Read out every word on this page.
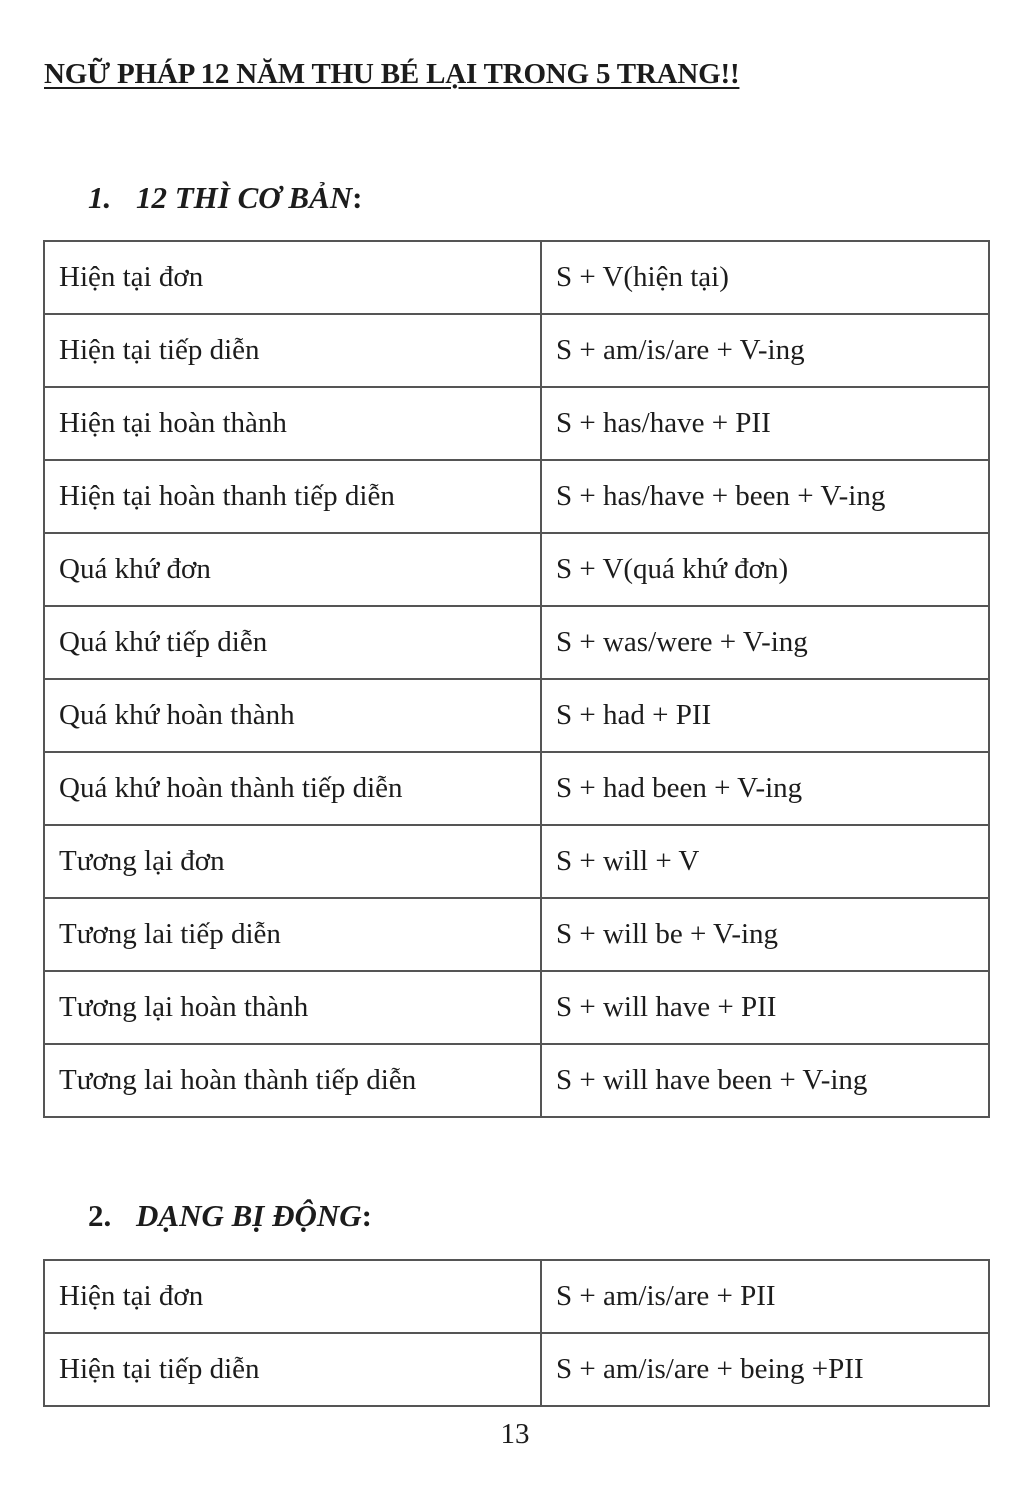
NGỮ PHÁP 12 NĂM THU BÉ LẠI TRONG 5 TRANG!!
1. 12 THÌ CƠ BẢN:
Hiện tại đơn	S + V(hiện tại)
Hiện tại tiếp diễn	S + am/is/are + V-ing
Hiện tại hoàn thành	S + has/have + PII
Hiện tại hoàn thanh tiếp diễn	S + has/have + been + V-ing
Quá khứ đơn	S + V(quá khứ đơn)
Quá khứ tiếp diễn	S + was/were + V-ing
Quá khứ hoàn thành	S + had + PII
Quá khứ hoàn thành tiếp diễn	S + had been + V-ing
Tương lại đơn	S + will + V
Tương lai tiếp diễn	S + will be + V-ing
Tương lại hoàn thành	S + will have + PII
Tương lai hoàn thành tiếp diễn	S + will have been + V-ing
2. DẠNG BỊ ĐỘNG:
Hiện tại đơn	S + am/is/are + PII
Hiện tại tiếp diễn	S + am/is/are + being +PII
13
